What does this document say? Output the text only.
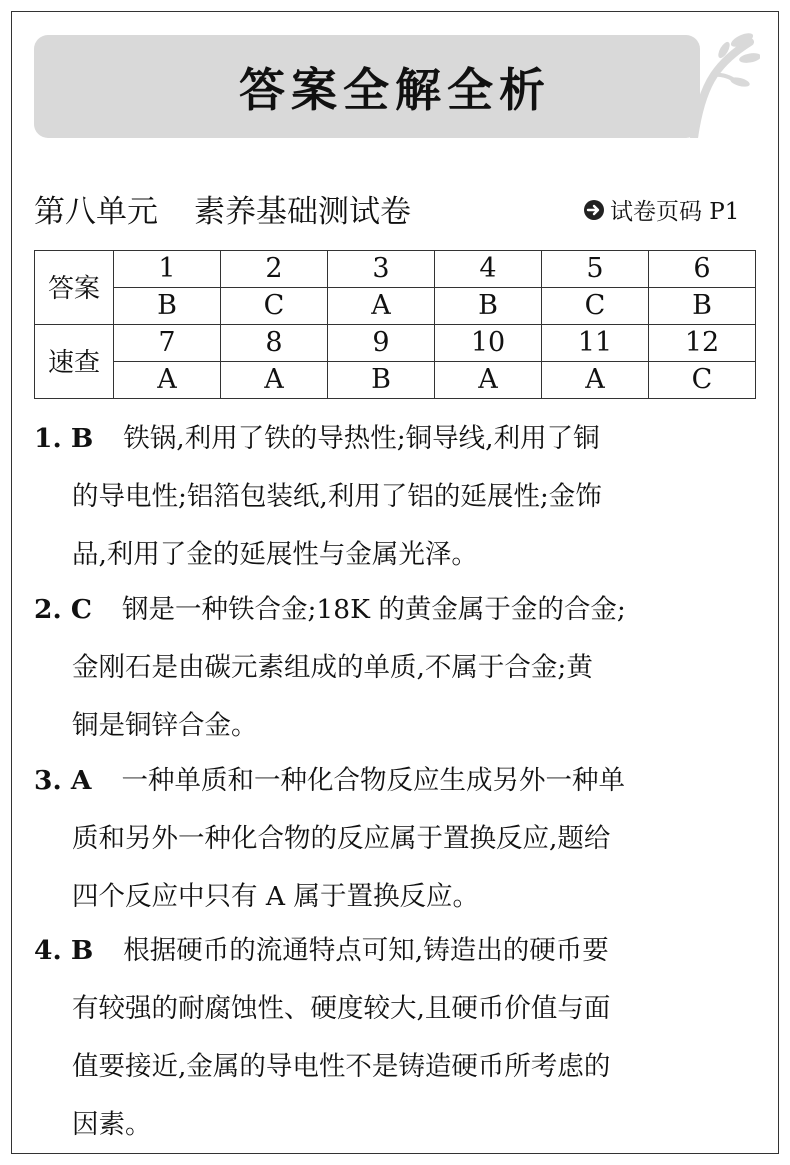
答案全解全析
第八单元 素养基础测试卷	试卷页码 P1
答案	1	2	3	4	5	6
	B	C	A	B	C	B

速查	7	8	9	10	11	12
	A	A	B	A	A	C
1. B 铁锅,利用了铁的导热性;铜导线,利用了铜
的导电性;铝箔包装纸,利用了铝的延展性;金饰
品,利用了金的延展性与金属光泽。
2. C 钢是一种铁合金;18K 的黄金属于金的合金;
金刚石是由碳元素组成的单质,不属于合金;黄
铜是铜锌合金。
3. A 一种单质和一种化合物反应生成另外一种单
质和另外一种化合物的反应属于置换反应,题给
四个反应中只有 A 属于置换反应。
4. B 根据硬币的流通特点可知,铸造出的硬币要
有较强的耐腐蚀性、硬度较大,且硬币价值与面
值要接近,金属的导电性不是铸造硬币所考虑的
因素。
